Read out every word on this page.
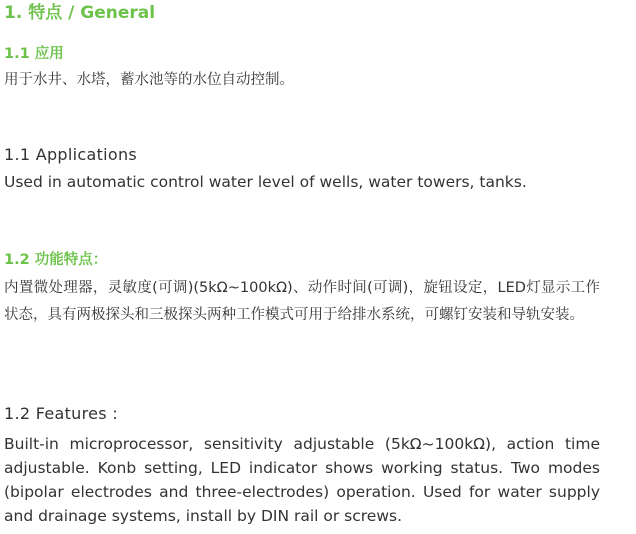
1. 特点 / General
1.1 应用
用于水井、水塔，蓄水池等的水位自动控制。
1.1 Applications
Used in automatic control water level of wells, water towers, tanks.
1.2 功能特点：
内置微处理器，灵敏度(可调)(5kΩ~100kΩ)、动作时间(可调)，旋钮设定，LED灯显示工作状态，具有两极探头和三极探头两种工作模式可用于给排水系统，可螺钉安装和导轨安装。
1.2 Features :
Built-in microprocessor, sensitivity adjustable (5kΩ~100kΩ), action time adjustable. Konb setting, LED indicator shows working status. Two modes (bipolar electrodes and three-electrodes) operation. Used for water supply and drainage systems, install by DIN rail or screws.
